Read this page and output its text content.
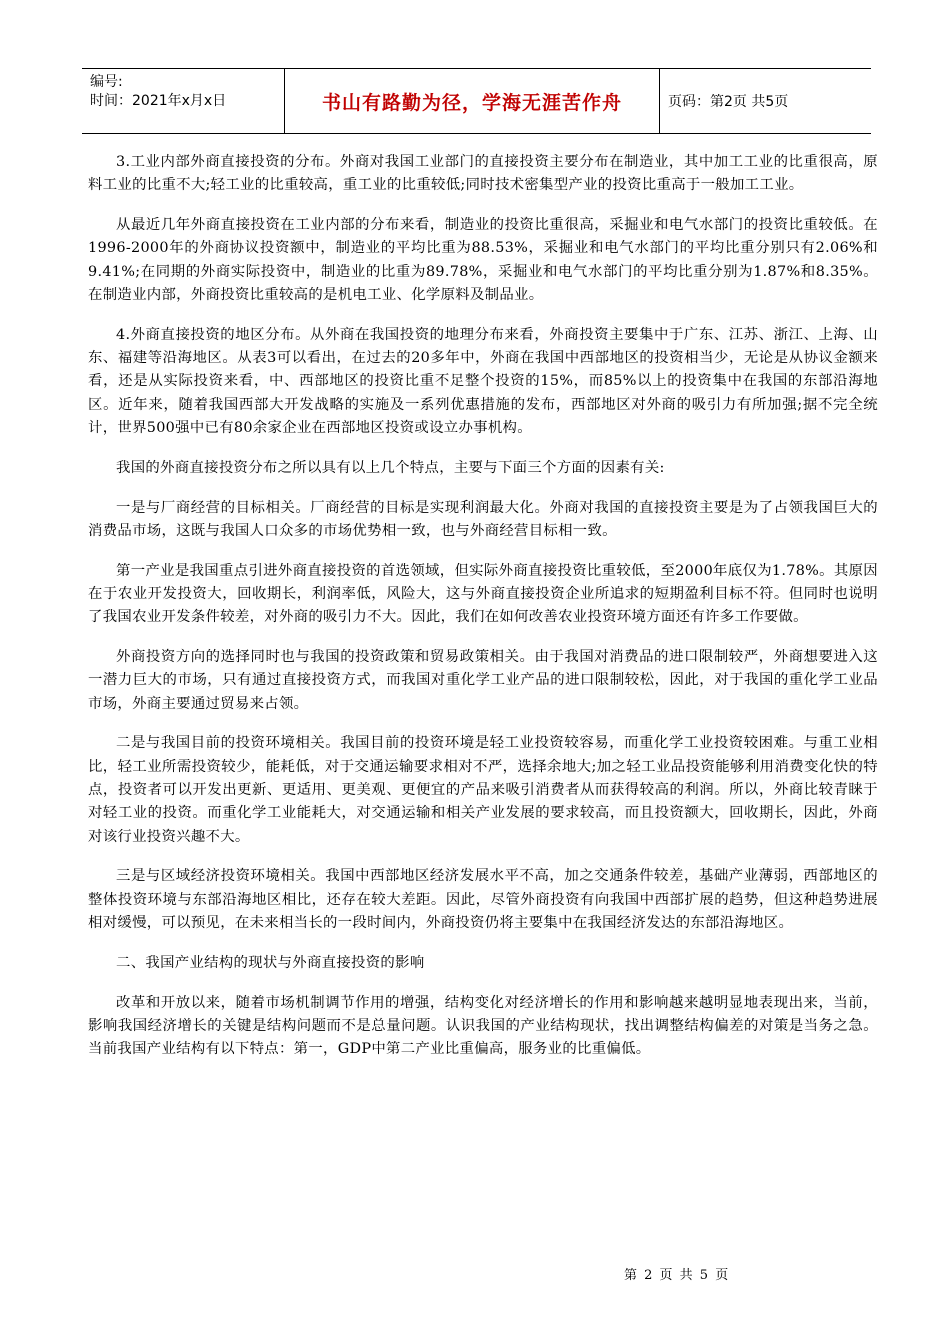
编号:
时间：2021年x月x日	书山有路勤为径，学海无涯苦作舟	页码：第2页 共5页

3.工业内部外商直接投资的分布。外商对我国工业部门的直接投资主要分布在制造业，其中加工工业的比重很高，原料工业的比重不大;轻工业的比重较高，重工业的比重较低;同时技术密集型产业的投资比重高于一般加工工业。

从最近几年外商直接投资在工业内部的分布来看，制造业的投资比重很高，采掘业和电气水部门的投资比重较低。在1996-2000年的外商协议投资额中，制造业的平均比重为88.53%，采掘业和电气水部门的平均比重分别只有2.06%和9.41%;在同期的外商实际投资中，制造业的比重为89.78%，采掘业和电气水部门的平均比重分别为1.87%和8.35%。在制造业内部，外商投资比重较高的是机电工业、化学原料及制品业。

4.外商直接投资的地区分布。从外商在我国投资的地理分布来看，外商投资主要集中于广东、江苏、浙江、上海、山东、福建等沿海地区。从表3可以看出，在过去的20多年中，外商在我国中西部地区的投资相当少，无论是从协议金额来看，还是从实际投资来看，中、西部地区的投资比重不足整个投资的15%，而85%以上的投资集中在我国的东部沿海地区。近年来，随着我国西部大开发战略的实施及一系列优惠措施的发布，西部地区对外商的吸引力有所加强;据不完全统计，世界500强中已有80余家企业在西部地区投资或设立办事机构。

我国的外商直接投资分布之所以具有以上几个特点，主要与下面三个方面的因素有关:

一是与厂商经营的目标相关。厂商经营的目标是实现利润最大化。外商对我国的直接投资主要是为了占领我国巨大的消费品市场，这既与我国人口众多的市场优势相一致，也与外商经营目标相一致。

第一产业是我国重点引进外商直接投资的首选领域，但实际外商直接投资比重较低，至2000年底仅为1.78%。其原因在于农业开发投资大，回收期长，利润率低，风险大，这与外商直接投资企业所追求的短期盈利目标不符。但同时也说明了我国农业开发条件较差，对外商的吸引力不大。因此，我们在如何改善农业投资环境方面还有许多工作要做。

外商投资方向的选择同时也与我国的投资政策和贸易政策相关。由于我国对消费品的进口限制较严，外商想要进入这一潜力巨大的市场，只有通过直接投资方式，而我国对重化学工业产品的进口限制较松，因此，对于我国的重化学工业品市场，外商主要通过贸易来占领。

二是与我国目前的投资环境相关。我国目前的投资环境是轻工业投资较容易，而重化学工业投资较困难。与重工业相比，轻工业所需投资较少，能耗低，对于交通运输要求相对不严，选择余地大;加之轻工业品投资能够利用消费变化快的特点，投资者可以开发出更新、更适用、更美观、更便宜的产品来吸引消费者从而获得较高的利润。所以，外商比较青睐于对轻工业的投资。而重化学工业能耗大，对交通运输和相关产业发展的要求较高，而且投资额大，回收期长，因此，外商对该行业投资兴趣不大。

三是与区域经济投资环境相关。我国中西部地区经济发展水平不高，加之交通条件较差，基础产业薄弱，西部地区的整体投资环境与东部沿海地区相比，还存在较大差距。因此，尽管外商投资有向我国中西部扩展的趋势，但这种趋势进展相对缓慢，可以预见，在未来相当长的一段时间内，外商投资仍将主要集中在我国经济发达的东部沿海地区。

二、我国产业结构的现状与外商直接投资的影响

改革和开放以来，随着市场机制调节作用的增强，结构变化对经济增长的作用和影响越来越明显地表现出来，当前，影响我国经济增长的关键是结构问题而不是总量问题。认识我国的产业结构现状，找出调整结构偏差的对策是当务之急。当前我国产业结构有以下特点：第一，GDP中第二产业比重偏高，服务业的比重偏低。

第 2 页 共 5 页
